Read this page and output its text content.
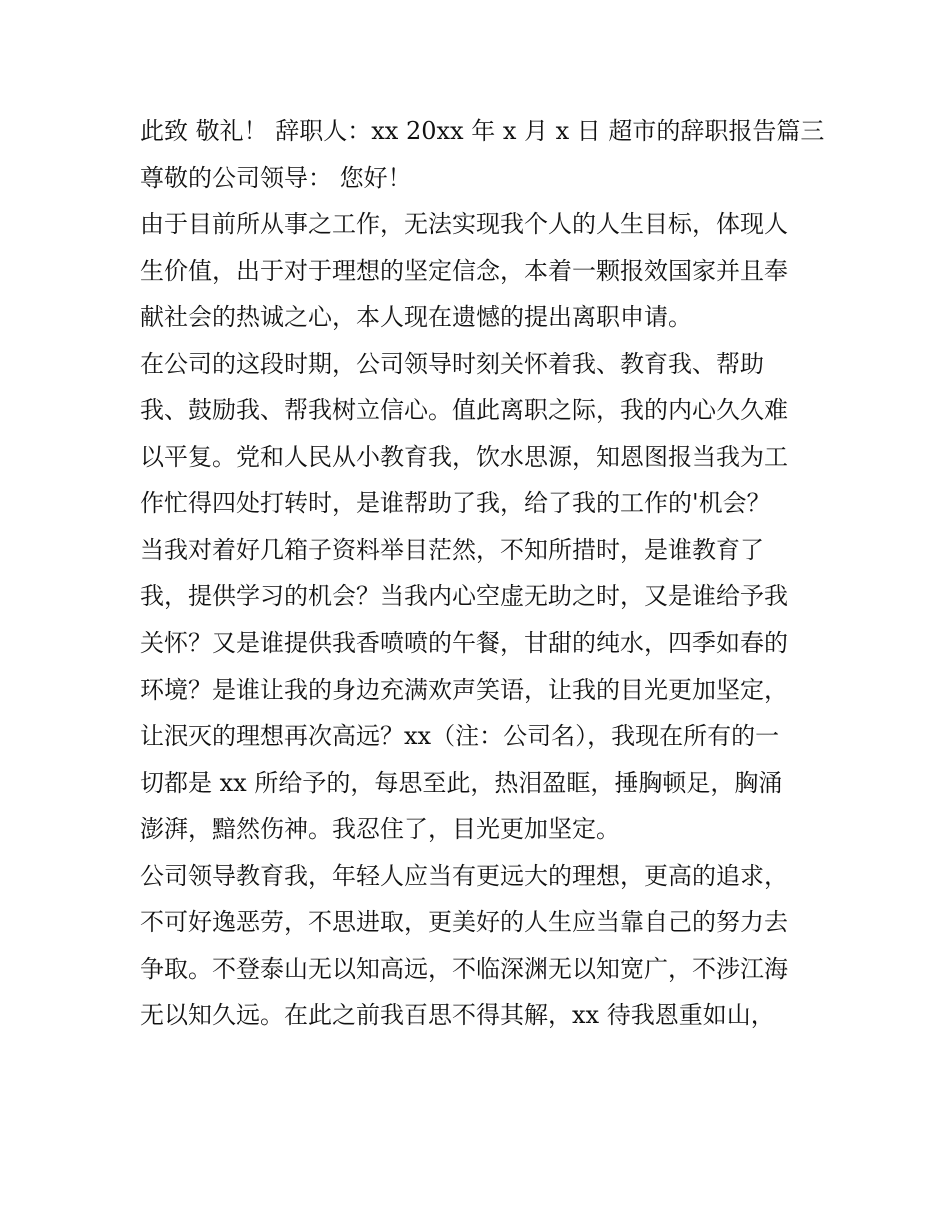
此致 敬礼！ 辞职人：xx 20xx 年 x 月 x 日 超市的辞职报告篇三
尊敬的公司领导： 您好！
由于目前所从事之工作，无法实现我个人的人生目标，体现人
生价值，出于对于理想的坚定信念，本着一颗报效国家并且奉
献社会的热诚之心，本人现在遗憾的提出离职申请。
在公司的这段时期，公司领导时刻关怀着我、教育我、帮助
我、鼓励我、帮我树立信心。值此离职之际，我的内心久久难
以平复。党和人民从小教育我，饮水思源，知恩图报当我为工
作忙得四处打转时，是谁帮助了我，给了我的工作的'机会？
当我对着好几箱子资料举目茫然，不知所措时，是谁教育了
我，提供学习的机会？当我内心空虚无助之时，又是谁给予我
关怀？又是谁提供我香喷喷的午餐，甘甜的纯水，四季如春的
环境？是谁让我的身边充满欢声笑语，让我的目光更加坚定，
让泯灭的理想再次高远？xx（注：公司名），我现在所有的一
切都是 xx 所给予的，每思至此，热泪盈眶，捶胸顿足，胸涌
澎湃，黯然伤神。我忍住了，目光更加坚定。
公司领导教育我，年轻人应当有更远大的理想，更高的追求，
不可好逸恶劳，不思进取，更美好的人生应当靠自己的努力去
争取。不登泰山无以知高远，不临深渊无以知宽广，不涉江海
无以知久远。在此之前我百思不得其解，xx 待我恩重如山，
